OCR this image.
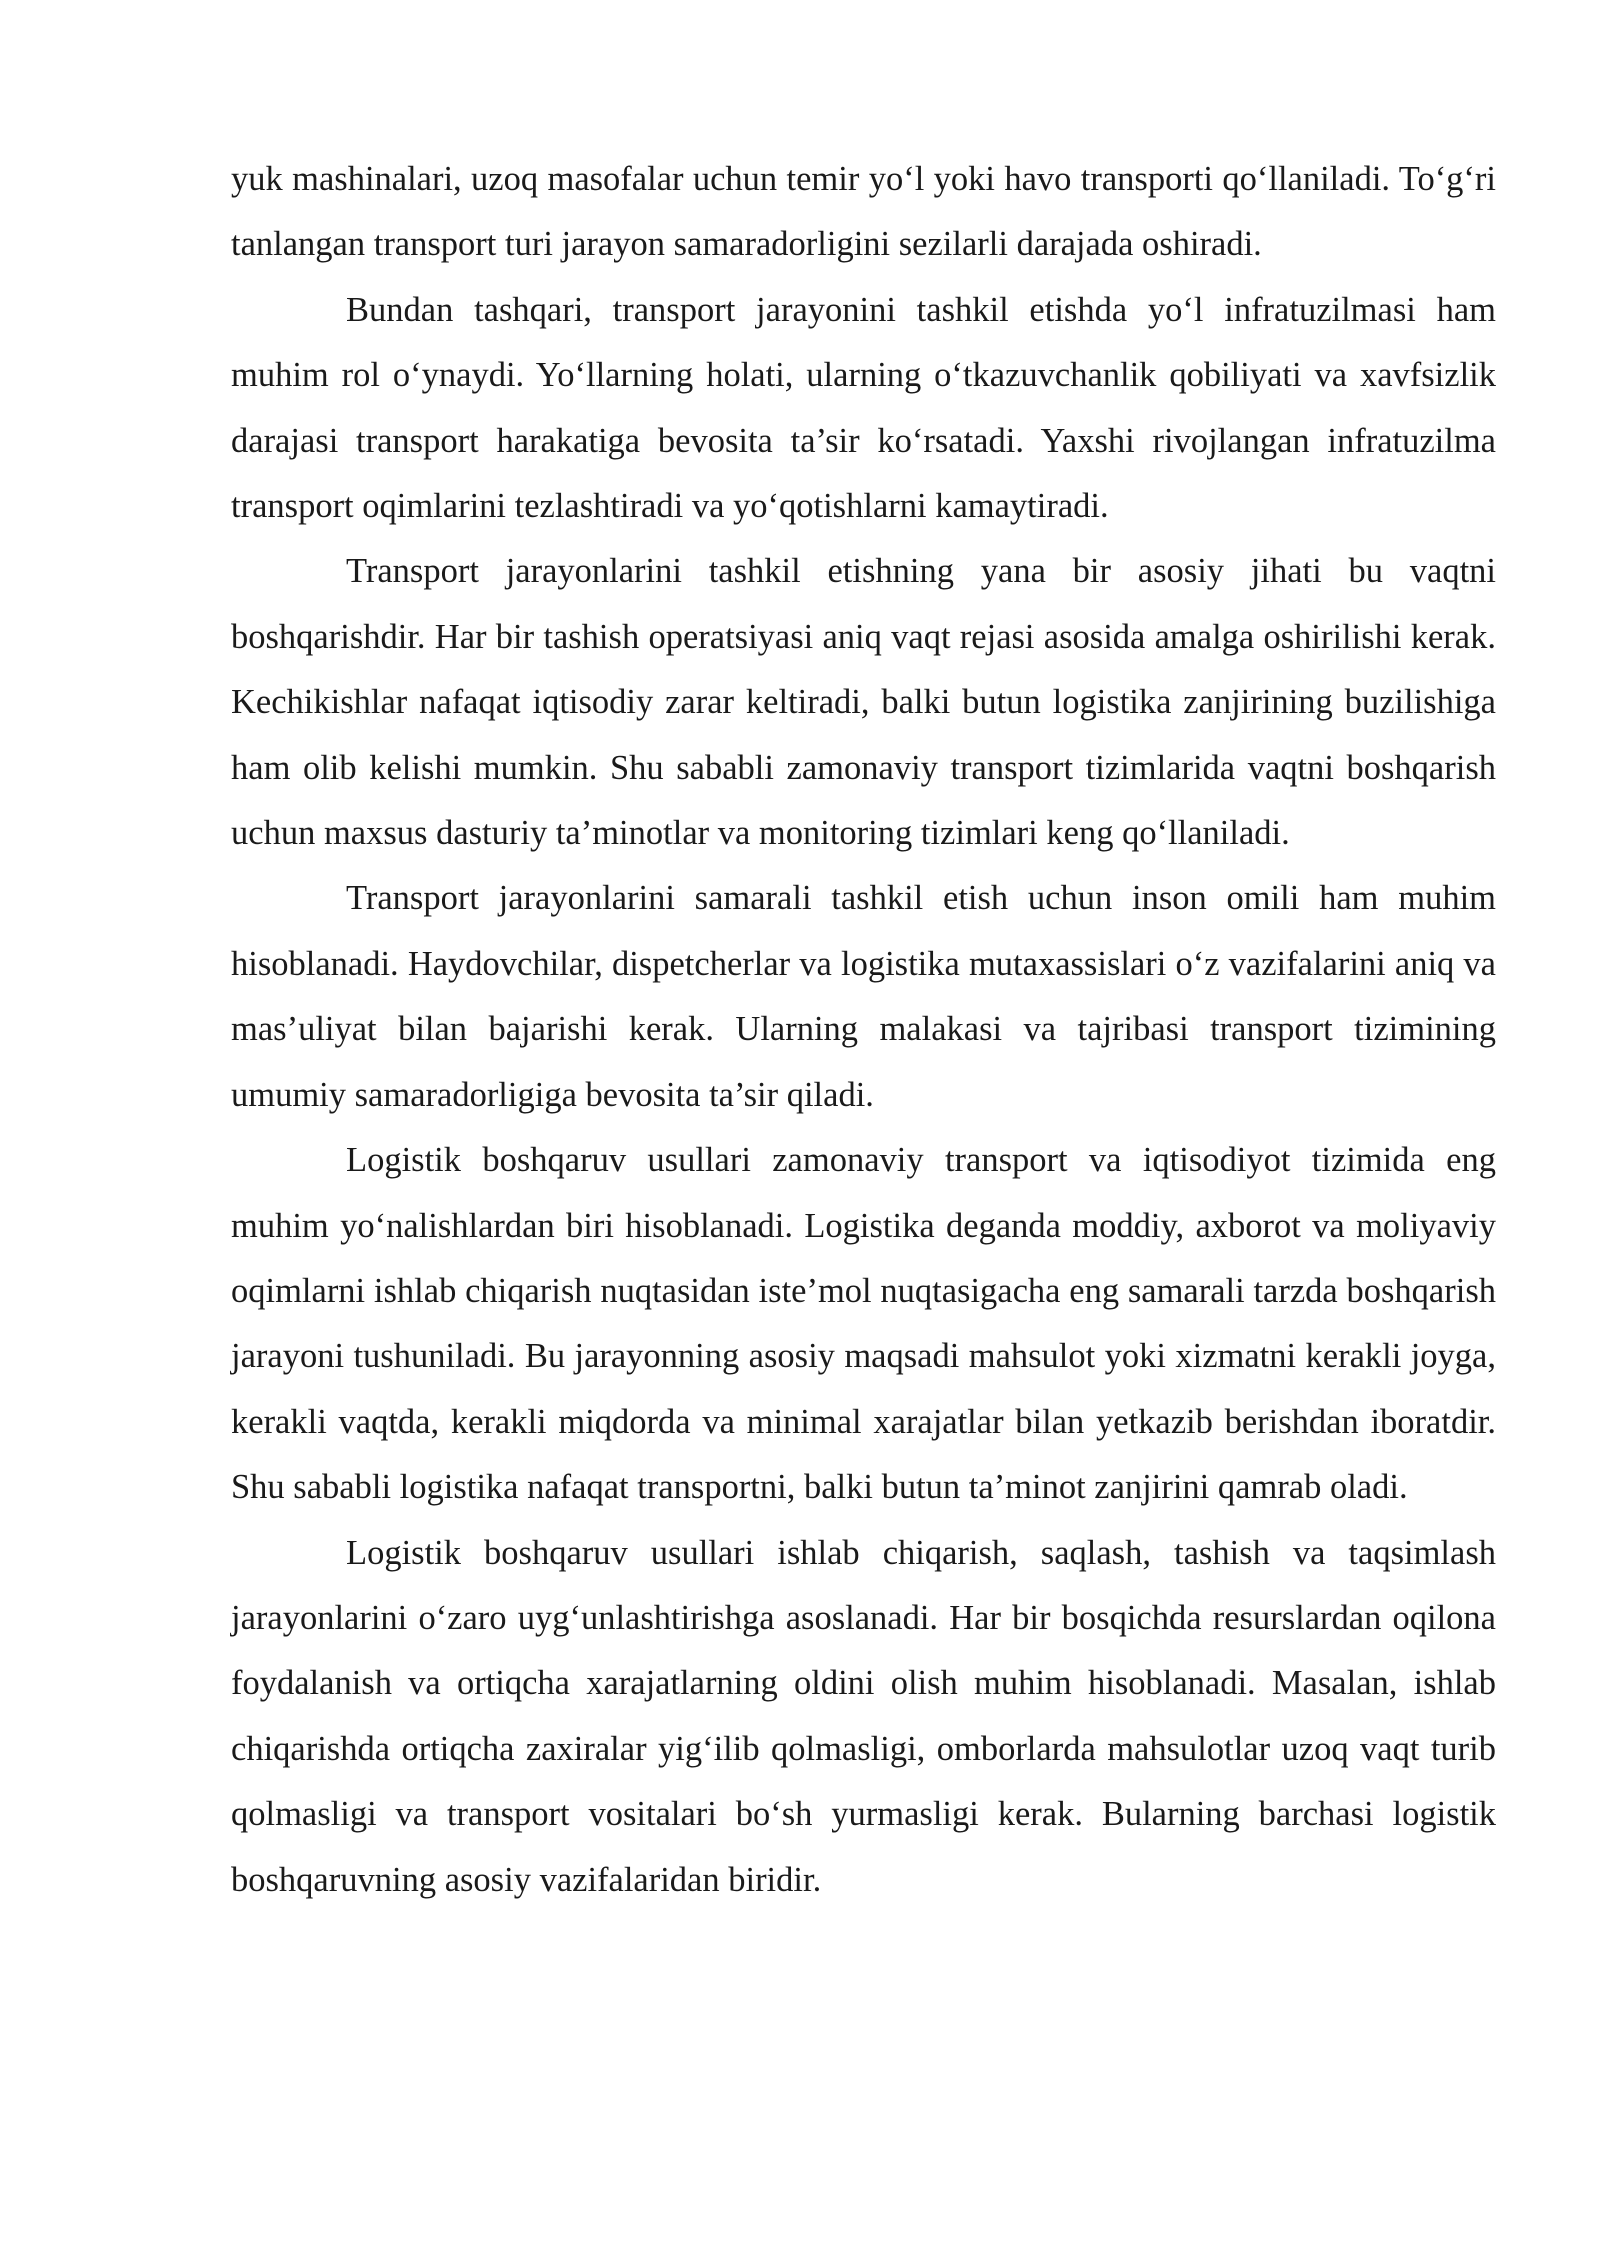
yuk mashinalari, uzoq masofalar uchun temir yo‘l yoki havo transporti qo‘llaniladi. To‘g‘ri tanlangan transport turi jarayon samaradorligini sezilarli darajada oshiradi.

Bundan tashqari, transport jarayonini tashkil etishda yo‘l infratuzilmasi ham muhim rol o‘ynaydi. Yo‘llarning holati, ularning o‘tkazuvchanlik qobiliyati va xavfsizlik darajasi transport harakatiga bevosita ta’sir ko‘rsatadi. Yaxshi rivojlangan infratuzilma transport oqimlarini tezlashtiradi va yo‘qotishlarni kamaytiradi.

Transport jarayonlarini tashkil etishning yana bir asosiy jihati bu vaqtni boshqarishdir. Har bir tashish operatsiyasi aniq vaqt rejasi asosida amalga oshirilishi kerak. Kechikishlar nafaqat iqtisodiy zarar keltiradi, balki butun logistika zanjirining buzilishiga ham olib kelishi mumkin. Shu sababli zamonaviy transport tizimlarida vaqtni boshqarish uchun maxsus dasturiy ta’minotlar va monitoring tizimlari keng qo‘llaniladi.

Transport jarayonlarini samarali tashkil etish uchun inson omili ham muhim hisoblanadi. Haydovchilar, dispetcherlar va logistika mutaxassislari o‘z vazifalarini aniq va mas’uliyat bilan bajarishi kerak. Ularning malakasi va tajribasi transport tizimining umumiy samaradorligiga bevosita ta’sir qiladi.

Logistik boshqaruv usullari zamonaviy transport va iqtisodiyot tizimida eng muhim yo‘nalishlardan biri hisoblanadi. Logistika deganda moddiy, axborot va moliyaviy oqimlarni ishlab chiqarish nuqtasidan iste’mol nuqtasigacha eng samarali tarzda boshqarish jarayoni tushuniladi. Bu jarayonning asosiy maqsadi mahsulot yoki xizmatni kerakli joyga, kerakli vaqtda, kerakli miqdorda va minimal xarajatlar bilan yetkazib berishdan iboratdir. Shu sababli logistika nafaqat transportni, balki butun ta’minot zanjirini qamrab oladi.

Logistik boshqaruv usullari ishlab chiqarish, saqlash, tashish va taqsimlash jarayonlarini o‘zaro uyg‘unlashtirishga asoslanadi. Har bir bosqichda resurslardan oqilona foydalanish va ortiqcha xarajatlarning oldini olish muhim hisoblanadi. Masalan, ishlab chiqarishda ortiqcha zaxiralar yig‘ilib qolmasligi, omborlarda mahsulotlar uzoq vaqt turib qolmasligi va transport vositalari bo‘sh yurmasligi kerak. Bularning barchasi logistik boshqaruvning asosiy vazifalaridan biridir.
